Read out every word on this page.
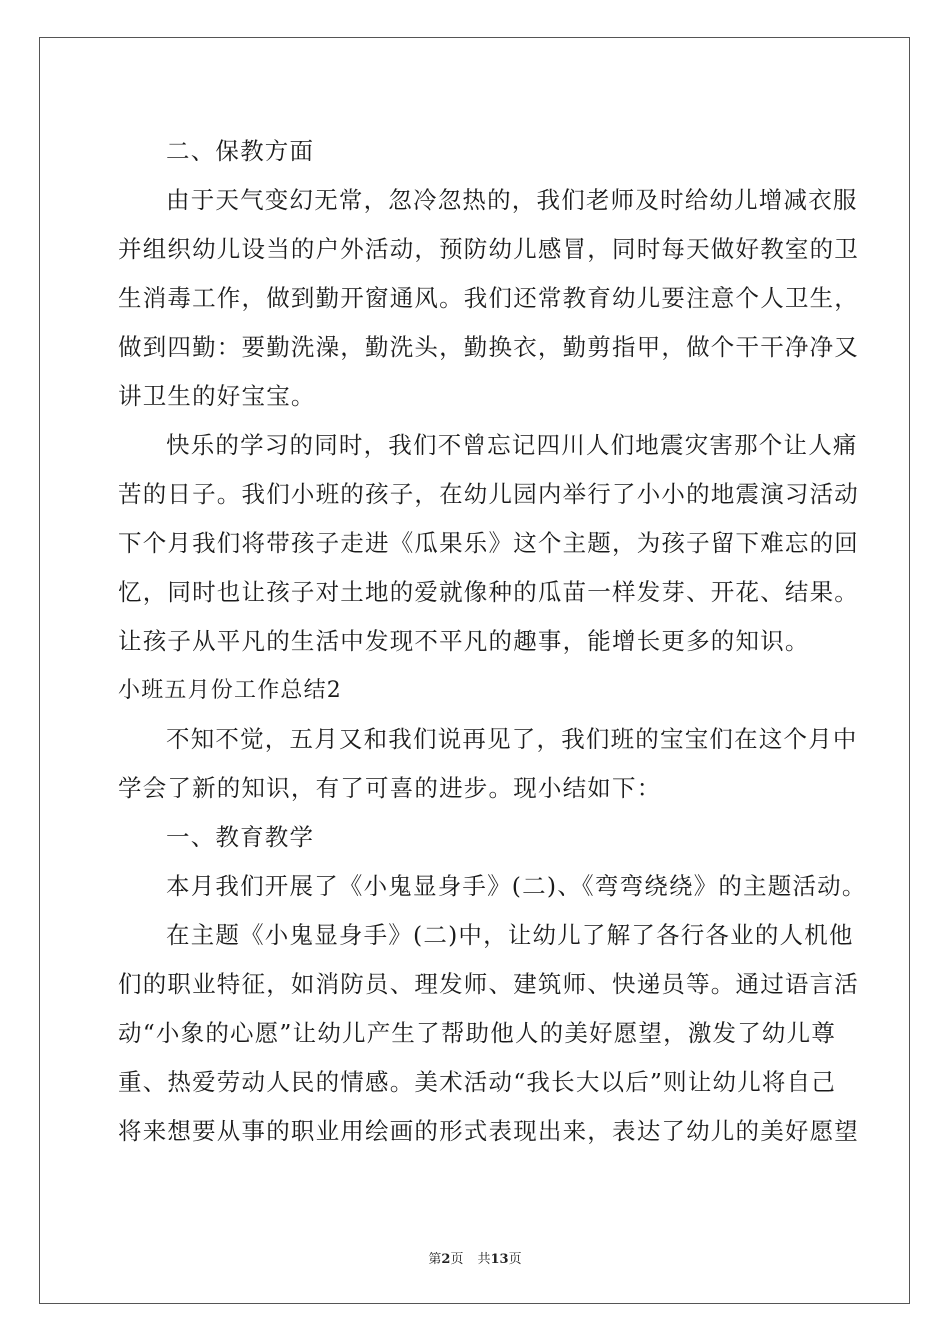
二、保教方面
由于天气变幻无常，忽冷忽热的，我们老师及时给幼儿增减衣服
并组织幼儿设当的户外活动，预防幼儿感冒，同时每天做好教室的卫
生消毒工作，做到勤开窗通风。我们还常教育幼儿要注意个人卫生，
做到四勤：要勤洗澡，勤洗头，勤换衣，勤剪指甲，做个干干净净又
讲卫生的好宝宝。
快乐的学习的同时，我们不曾忘记四川人们地震灾害那个让人痛
苦的日子。我们小班的孩子，在幼儿园内举行了小小的地震演习活动
下个月我们将带孩子走进《瓜果乐》这个主题，为孩子留下难忘的回
忆，同时也让孩子对土地的爱就像种的瓜苗一样发芽、开花、结果。
让孩子从平凡的生活中发现不平凡的趣事，能增长更多的知识。
小班五月份工作总结2
不知不觉，五月又和我们说再见了，我们班的宝宝们在这个月中
学会了新的知识，有了可喜的进步。现小结如下：
一、教育教学
本月我们开展了《小鬼显身手》(二)、《弯弯绕绕》的主题活动。
在主题《小鬼显身手》(二)中，让幼儿了解了各行各业的人机他
们的职业特征，如消防员、理发师、建筑师、快递员等。通过语言活
动“小象的心愿”让幼儿产生了帮助他人的美好愿望，激发了幼儿尊
重、热爱劳动人民的情感。美术活动“我长大以后”则让幼儿将自己
将来想要从事的职业用绘画的形式表现出来，表达了幼儿的美好愿望
第2页 共13页
